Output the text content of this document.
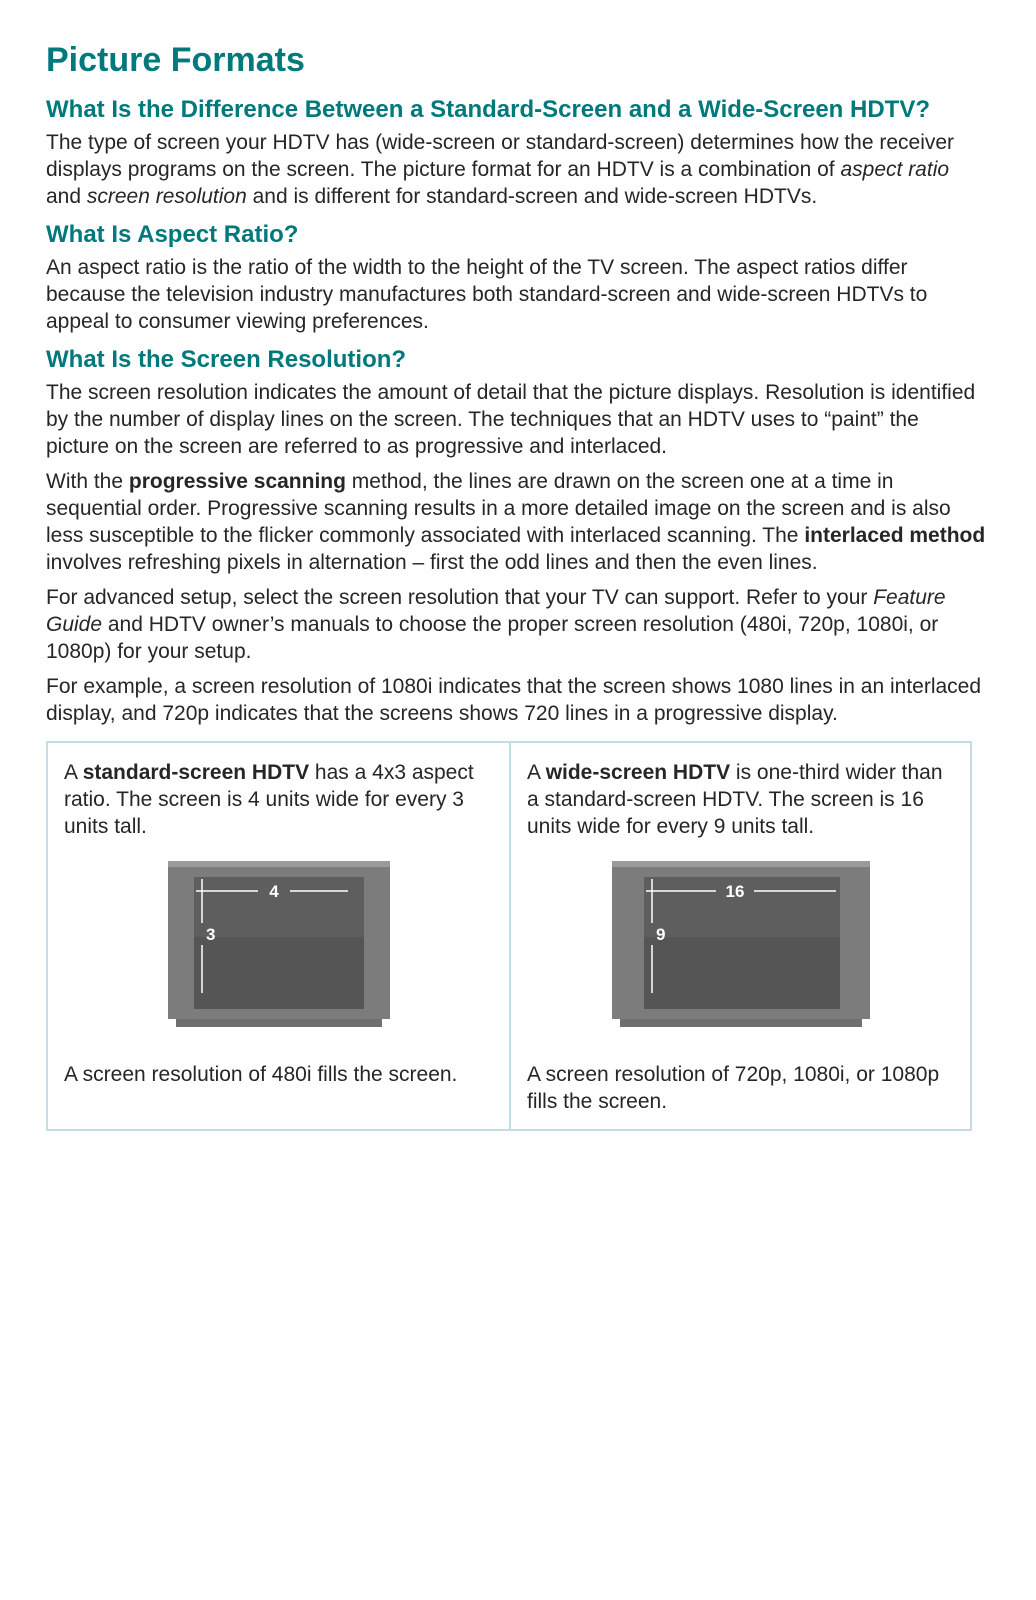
Picture Formats
What Is the Difference Between a Standard-Screen and a Wide-Screen HDTV?

The type of screen your HDTV has (wide-screen or standard-screen) determines how the receiver displays programs on the screen. The picture format for an HDTV is a combination of aspect ratio and screen resolution and is different for standard-screen and wide-screen HDTVs.

What Is Aspect Ratio?

An aspect ratio is the ratio of the width to the height of the TV screen. The aspect ratios differ because the television industry manufactures both standard-screen and wide-screen HDTVs to appeal to consumer viewing preferences.

What Is the Screen Resolution?

The screen resolution indicates the amount of detail that the picture displays. Resolution is identified by the number of display lines on the screen. The techniques that an HDTV uses to “paint” the picture on the screen are referred to as progressive and interlaced.

With the progressive scanning method, the lines are drawn on the screen one at a time in sequential order. Progressive scanning results in a more detailed image on the screen and is also less susceptible to the flicker commonly associated with interlaced scanning. The interlaced method involves refreshing pixels in alternation – first the odd lines and then the even lines.

For advanced setup, select the screen resolution that your TV can support. Refer to your Feature Guide and HDTV owner’s manuals to choose the proper screen resolution (480i, 720p, 1080i, or 1080p) for your setup.

For example, a screen resolution of 1080i indicates that the screen shows 1080 lines in an interlaced display, and 720p indicates that the screens shows 720 lines in a progressive display.

A standard-screen HDTV has a 4x3 aspect ratio. The screen is 4 units wide for every 3 units tall.

4
3

A screen resolution of 480i fills the screen.

A wide-screen HDTV is one-third wider than a standard-screen HDTV. The screen is 16 units wide for every 9 units tall.

16
9

A screen resolution of 720p, 1080i, or 1080p fills the screen.
